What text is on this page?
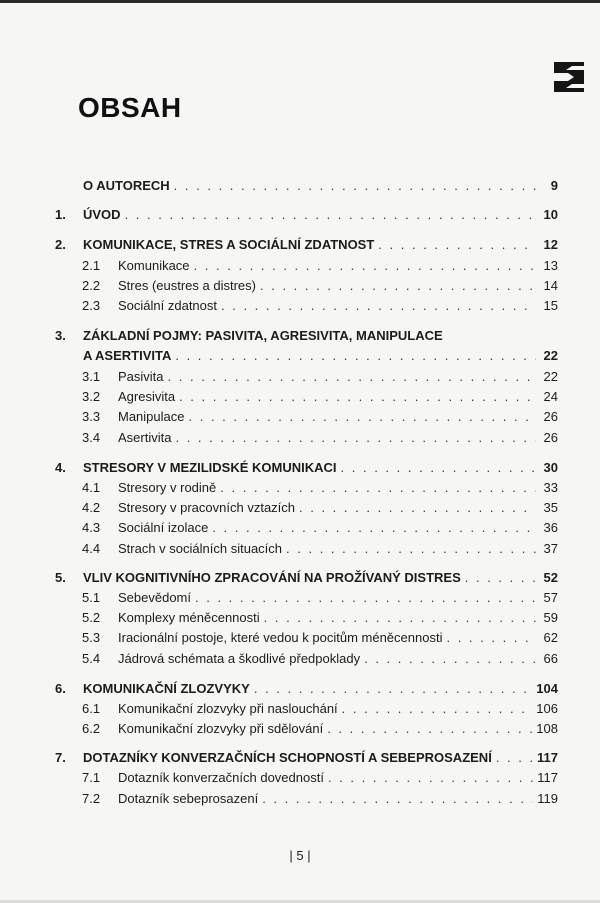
OBSAH
O AUTORECH . . .	9
1.	ÚVOD . . .	10
2.	KOMUNIKACE, STRES A SOCIÁLNÍ ZDATNOST . . .	12
2.1	Komunikace . . .	13
2.2	Stres (eustres a distres) . . .	14
2.3	Sociální zdatnost . . .	15
3.	ZÁKLADNÍ POJMY: PASIVITA, AGRESIVITA, MANIPULACE
A ASERTIVITA . . .	22
3.1	Pasivita . . .	22
3.2	Agresivita . . .	24
3.3	Manipulace . . .	26
3.4	Asertivita . . .	26
4.	STRESORY V MEZILIDSKÉ KOMUNIKACI . . .	30
4.1	Stresory v rodině . . .	33
4.2	Stresory v pracovních vztazích . . .	35
4.3	Sociální izolace . . .	36
4.4	Strach v sociálních situacích . . .	37
5.	VLIV KOGNITIVNÍHO ZPRACOVÁNÍ NA PROŽÍVANÝ DISTRES . . .	52
5.1	Sebevědomí . . .	57
5.2	Komplexy méněcennosti . . .	59
5.3	Iracionální postoje, které vedou k pocitům méněcennosti . . .	62
5.4	Jádrová schémata a škodlivé předpoklady . . .	66
6.	KOMUNIKAČNÍ ZLOZVYKY . . .	104
6.1	Komunikační zlozvyky při naslouchání . . .	106
6.2	Komunikační zlozvyky při sdělování . . .	108
7.	DOTAZNÍKY KONVERZAČNÍCH SCHOPNOSTÍ A SEBEPROSAZENÍ . . .	117
7.1	Dotazník konverzačních dovedností . . .	117
7.2	Dotazník sebeprosazení . . .	119
| 5 |
